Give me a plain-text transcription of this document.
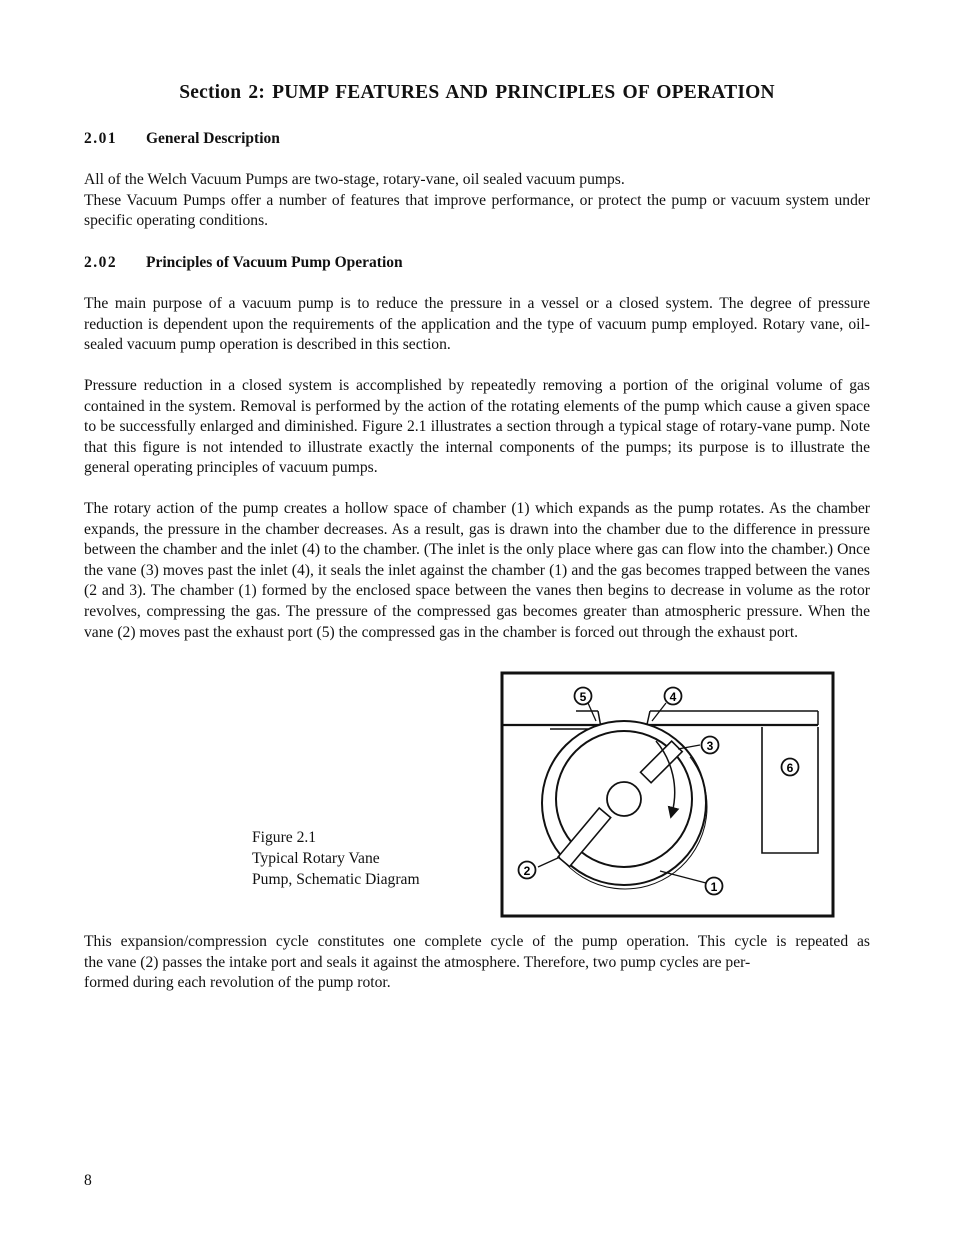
Section 2: PUMP FEATURES AND PRINCIPLES OF OPERATION
2.01 General Description

All of the Welch Vacuum Pumps are two-stage, rotary-vane, oil sealed vacuum pumps.
These Vacuum Pumps offer a number of features that improve performance, or protect the pump or vacuum system under specific operating conditions.

2.02 Principles of Vacuum Pump Operation

The main purpose of a vacuum pump is to reduce the pressure in a vessel or a closed system. The degree of pressure reduction is dependent upon the requirements of the application and the type of vacuum pump employed. Rotary vane, oil-sealed vacuum pump operation is described in this section.

Pressure reduction in a closed system is accomplished by repeatedly removing a portion of the original volume of gas contained in the system. Removal is performed by the action of the rotating elements of the pump which cause a given space to be successfully enlarged and diminished. Figure 2.1 illustrates a section through a typical stage of rotary-vane pump. Note that this figure is not intended to illustrate exactly the internal components of the pumps; its purpose is to illustrate the general operating principles of vacuum pumps.

The rotary action of the pump creates a hollow space of chamber (1) which expands as the pump rotates. As the chamber expands, the pressure in the chamber decreases. As a result, gas is drawn into the chamber due to the difference in pressure between the chamber and the inlet (4) to the chamber. (The inlet is the only place where gas can flow into the chamber.) Once the vane (3) moves past the inlet (4), it seals the inlet against the chamber (1) and the gas becomes trapped between the vanes (2 and 3). The chamber (1) formed by the enclosed space between the vanes then begins to decrease in volume as the rotor revolves, compressing the gas. The pressure of the compressed gas becomes greater than atmospheric pressure. When the vane (2) moves past the exhaust port (5) the compressed gas in the chamber is forced out through the exhaust port.

Figure 2.1
Typical Rotary Vane
Pump, Schematic Diagram
5	4
3
6
2
1
This expansion/compression cycle constitutes one complete cycle of the pump operation. This cycle is repeated as
the vane (2) passes the intake port and seals it against the atmosphere. Therefore, two pump cycles are per-
formed during each revolution of the pump rotor.
8
